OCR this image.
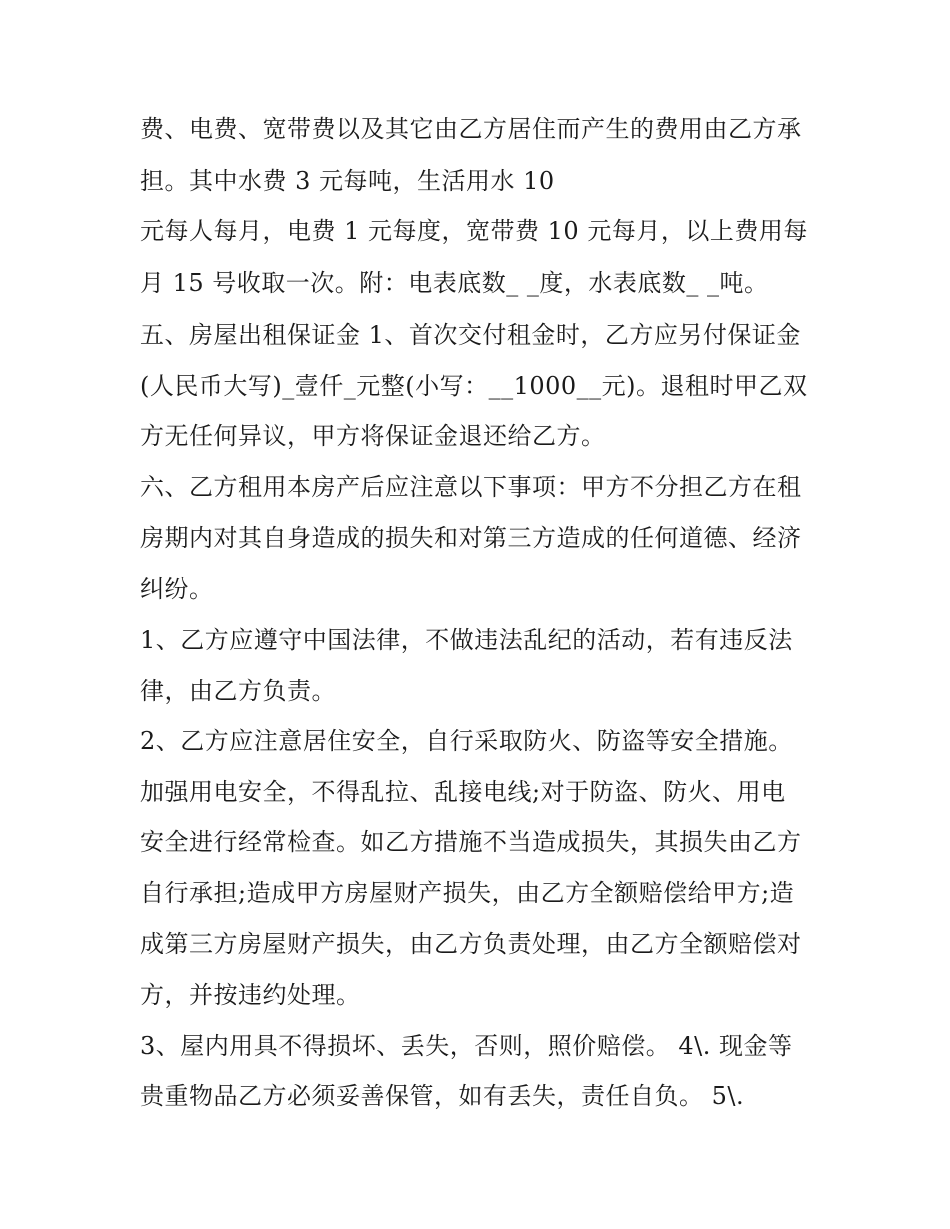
费、电费、宽带费以及其它由乙方居住而产生的费用由乙方承
担。其中水费 3 元每吨，生活用水 10
元每人每月，电费 1 元每度，宽带费 10 元每月，以上费用每
月 15 号收取一次。附：电表底数_ _度，水表底数_ _吨。
五、房屋出租保证金 1、首次交付租金时，乙方应另付保证金
(人民币大写)_壹仟_元整(小写：__1000__元)。退租时甲乙双
方无任何异议，甲方将保证金退还给乙方。
六、乙方租用本房产后应注意以下事项：甲方不分担乙方在租
房期内对其自身造成的损失和对第三方造成的任何道德、经济
纠纷。
1、乙方应遵守中国法律，不做违法乱纪的活动，若有违反法
律，由乙方负责。
2、乙方应注意居住安全，自行采取防火、防盗等安全措施。
加强用电安全，不得乱拉、乱接电线;对于防盗、防火、用电
安全进行经常检查。如乙方措施不当造成损失，其损失由乙方
自行承担;造成甲方房屋财产损失，由乙方全额赔偿给甲方;造
成第三方房屋财产损失，由乙方负责处理，由乙方全额赔偿对
方，并按违约处理。
3、屋内用具不得损坏、丢失，否则，照价赔偿。 4\. 现金等
贵重物品乙方必须妥善保管，如有丢失，责任自负。 5\.
